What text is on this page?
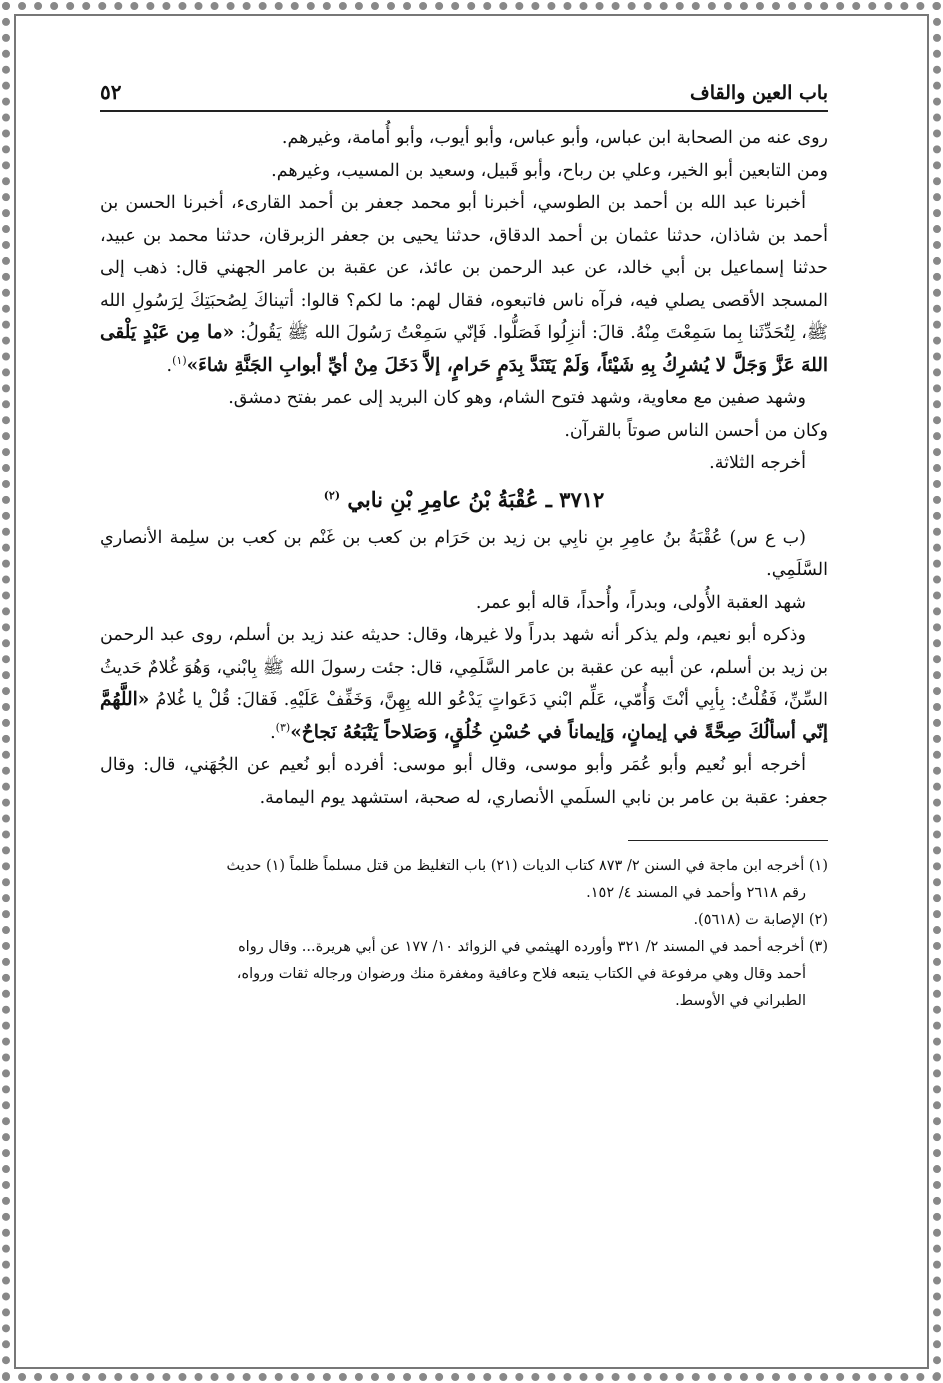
باب العين والقاف
٥٢

روى عنه من الصحابة ابن عباس، وأبو عباس، وأبو أيوب، وأبو أُمامة، وغيرهم.

ومن التابعين أبو الخير، وعلي بن رباح، وأبو قَبيل، وسعيد بن المسيب، وغيرهم.

أخبرنا عبد الله بن أحمد بن الطوسي، أخبرنا أبو محمد جعفر بن أحمد القارىء، أخبرنا الحسن بن أحمد بن شاذان، حدثنا عثمان بن أحمد الدقاق، حدثنا يحيى بن جعفر الزبرقان، حدثنا محمد بن عبيد، حدثنا إسماعيل بن أبي خالد، عن عبد الرحمن بن عائذ، عن عقبة بن عامر الجهني قال: ذهب إلى المسجد الأقصى يصلي فيه، فرآه ناس فاتبعوه، فقال لهم: ما لكم؟ قالوا: أتيناكَ لِصُحبَتِكَ لِرَسُولِ الله ﷺ، لِتُحَدِّثَنا بِما سَمِعْتَ مِنْهُ. قالَ: أنزِلُوا فَصَلُّوا. فَإنّي سَمِعْتُ رَسُولَ الله ﷺ يَقُولُ: «ما مِن عَبْدٍ يَلْقى اللهَ عَزَّ وَجَلَّ لا يُشرِكُ بِهِ شَيْئاً، وَلَمْ يَتَنَدَّ بِدَمٍ حَرامٍ، إلاَّ دَخَلَ مِنْ أيِّ أبوابِ الجَنَّةِ شاءَ»$^{(١)}$.

وشهد صفين مع معاوية، وشهد فتوح الشام، وهو كان البريد إلى عمر بفتح دمشق.

وكان من أحسن الناس صوتاً بالقرآن.

أخرجه الثلاثة.

٣٧١٢ ـ عُقْبَةُ بْنُ عامِرِ بْنِ نابي $^{(٢)}$

(ب ع س) عُقْبَةُ بنُ عامِرِ بنِ نابِي بن زيد بن حَرَام بن كعب بن غَنْم بن كعب بن سلِمة الأنصاري السَّلَمِي.

شهد العقبة الأُولى، وبدراً، وأُحداً، قاله أبو عمر.

وذكره أبو نعيم، ولم يذكر أنه شهد بدراً ولا غيرها، وقال: حديثه عند زيد بن أسلم، روى عبد الرحمن بن زيد بن أسلم، عن أبيه عن عقبة بن عامر السَّلَمِي، قال: جئت رسولَ الله ﷺ بِابْني، وَهُوَ غُلامٌ حَديثُ السِّنِّ، فَقُلْتُ: بِأبِي أنْتَ وَأُمّي، عَلِّم ابْني دَعَواتٍ يَدْعُو الله بِهِنَّ، وَخَفِّفْ عَلَيْهِ. فَقالَ: قُلْ يا غُلامُ «اللَّهُمَّ إنّي أسألُكَ صِحَّةً في إيمانٍ، وَإيماناً في حُسْنِ خُلُقٍ، وَصَلاحاً يَتْبَعُهُ نَجاحٌ»$^{(٣)}$.

أخرجه أبو نُعيم وأبو عُمَر وأبو موسى، وقال أبو موسى: أفرده أبو نُعيم عن الجُهَني، قال: وقال جعفر: عقبة بن عامر بن نابي السلَمي الأنصاري، له صحبة، استشهد يوم اليمامة.

(١) أخرجه ابن ماجة في السنن ٢/ ٨٧٣ كتاب الديات (٢١) باب التغليظ من قتل مسلماً ظلماً (١) حديث

رقم ٢٦١٨ وأحمد في المسند ٤/ ١٥٢.

(٢) الإصابة ت (٥٦١٨).

(٣) أخرجه أحمد في المسند ٢/ ٣٢١ وأورده الهيثمي في الزوائد ١٠/ ١٧٧ عن أبي هريرة... وقال رواه

أحمد وقال وهي مرفوعة في الكتاب يتبعه فلاح وعافية ومغفرة منك ورضوان ورجاله ثقات ورواه،

الطبراني في الأوسط.
